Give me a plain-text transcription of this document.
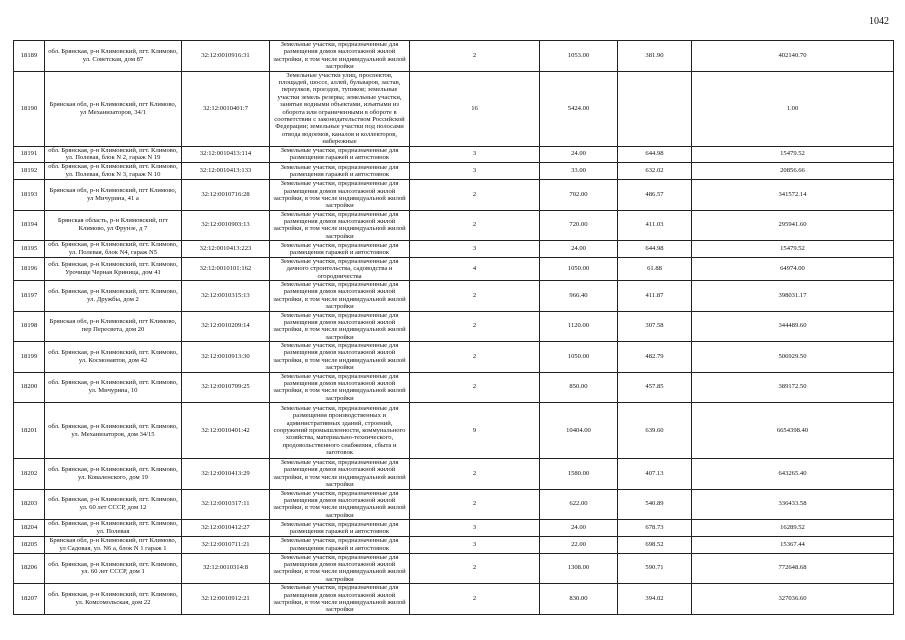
1042
18189	обл. Брянская, р-н Климовский, пгт. Климово, ул. Советская, дом 87	32:12:0010916:31	Земельные участки, предназначенные для размещения домов малоэтажной жилой застройки, в том числе индивидуальной жилой застройки	2	1053.00	381.90	402140.70
18190	Брянская обл, р-н Климовский, пгт Климово, ул Механизаторов, 34/1	32:12:0010401:7	Земельные участки улиц, проспектов, площадей, шоссе, аллей, бульваров, застав, переулков, проездов, тупиков; земельные участки земель резерва; земельные участки, занятые водными объектами, изъятыми из оборота или ограниченными в обороте в соответствии с законодательством Российской Федерации; земельные участки под полосами отвода водоемов, каналов и коллекторов, набережные	16	5424.00		1.00
18191	обл. Брянская, р-н Климовский, пгт. Климово, ул. Полевая, блок N 2, гараж N 19	32:12:0010413:114	Земельные участки, предназначенные для размещения гаражей и автостоянок	3	24.00	644.98	15479.52
18192	обл. Брянская, р-н Климовский, пгт. Климово, ул. Полевая, блок N 3, гараж N 10	32:12:0010413:133	Земельные участки, предназначенные для размещения гаражей и автостоянок	3	33.00	632.02	20856.66
18193	Брянская обл, р-н Климовский, пгт Климово, ул Мичурина, 41 а	32:12:0010716:28	Земельные участки, предназначенные для размещения домов малоэтажной жилой застройки, в том числе индивидуальной жилой застройки	2	702.00	486.57	341572.14
18194	Брянская область, р-н Климовский, пгт Климово, ул Фрунзе, д 7	32:12:0010903:13	Земельные участки, предназначенные для размещения домов малоэтажной жилой застройки, в том числе индивидуальной жилой застройки	2	720.00	411.03	295941.60
18195	обл. Брянская, р-н Климовский, пгт. Климово, ул. Полевая, блок N4, гараж N5	32:12:0010413:223	Земельные участки, предназначенные для размещения гаражей и автостоянок	3	24.00	644.98	15479.52
18196	обл. Брянская, р-н Климовский, пгт. Климово, Урочище Черная Криница, дом 41	32:12:0010101:162	Земельные участки, предназначенные для дачного строительства, садоводства и огородничества	4	1050.00	61.88	64974.00
18197	обл. Брянская, р-н Климовский, пгт. Климово, ул. Дружбы, дом 2	32:12:0010315:13	Земельные участки, предназначенные для размещения домов малоэтажной жилой застройки, в том числе индивидуальной жилой застройки	2	966.40	411.87	398031.17
18198	Брянская обл, р-н Климовский, пгт Климово, пер Пересвета, дом 20	32:12:0010209:14	Земельные участки, предназначенные для размещения домов малоэтажной жилой застройки, в том числе индивидуальной жилой застройки	2	1120.00	307.58	344489.60
18199	обл. Брянская, р-н Климовский, пгт. Климово, ул. Космонавтов, дом 42	32:12:0010913:30	Земельные участки, предназначенные для размещения домов малоэтажной жилой застройки, в том числе индивидуальной жилой застройки	2	1050.00	482.79	506929.50
18200	обл. Брянская, р-н Климовский, пгт. Климово, ул. Мичурина, 10	32:12:0010709:25	Земельные участки, предназначенные для размещения домов малоэтажной жилой застройки, в том числе индивидуальной жилой застройки	2	850.00	457.85	389172.50
18201	обл. Брянская, р-н Климовский, пгт. Климово, ул. Механизаторов, дом 34/15	32:12:0010401:42	Земельные участки, предназначенные для размещения производственных и административных зданий, строений, сооружений промышленности, коммунального хозяйства, материально-технического, продовольственного снабжения, сбыта и заготовок	9	10404.00	639.60	6654398.40
18202	обл. Брянская, р-н Климовский, пгт. Климово, ул. Коваленского, дом 19	32:12:0010413:29	Земельные участки, предназначенные для размещения домов малоэтажной жилой застройки, в том числе индивидуальной жилой застройки	2	1580.00	407.13	643265.40
18203	обл. Брянская, р-н Климовский, пгт. Климово, ул. 60 лет СССР, дом 12	32:12:0010317:11	Земельные участки, предназначенные для размещения домов малоэтажной жилой застройки, в том числе индивидуальной жилой застройки	2	622.00	540.89	336433.58
18204	обл. Брянская, р-н Климовский, пгт. Климово, ул. Полевая	32:12:0010412:27	Земельные участки, предназначенные для размещения гаражей и автостоянок	3	24.00	678.73	16289.52
18205	Брянская обл, р-н Климовский, пгт Климово, ул Садовая, ул. N6 а, блок N 1 гараж 1	32:12:0010711:21	Земельные участки, предназначенные для размещения гаражей и автостоянок	3	22.00	698.52	15367.44
18206	обл. Брянская, р-н Климовский, пгт. Климово, ул. 60 лет СССР, дом 1	32:12:0010314:8	Земельные участки, предназначенные для размещения домов малоэтажной жилой застройки, в том числе индивидуальной жилой застройки	2	1308.00	590.71	772648.68
18207	обл. Брянская, р-н Климовский, пгт. Климово, ул. Комсомольская, дом 22	32:12:0010912:21	Земельные участки, предназначенные для размещения домов малоэтажной жилой застройки, в том числе индивидуальной жилой застройки	2	830.00	394.02	327036.60
